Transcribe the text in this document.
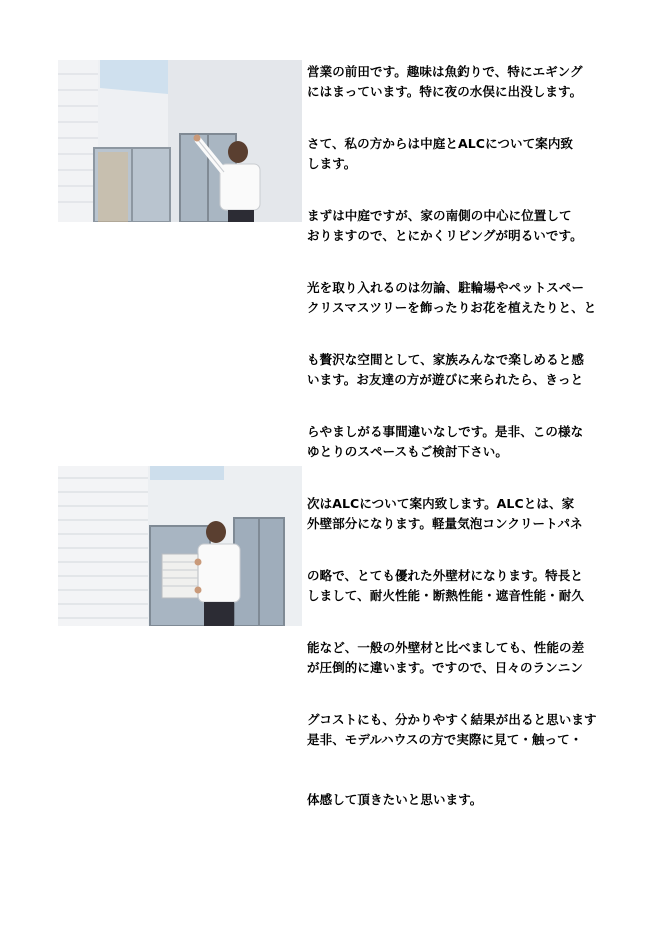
営業の前田です。趣味は魚釣りで、特にエギング
にはまっています。特に夜の水俣に出没します。
さて、私の方からは中庭とALCについて案内致
します。
まずは中庭ですが、家の南側の中心に位置して
おりますので、とにかくリビングが明るいです。
光を取り入れるのは勿論、駐輪場やペットスペー
クリスマスツリーを飾ったりお花を植えたりと、と
も贅沢な空間として、家族みんなで楽しめると感
います。お友達の方が遊びに来られたら、きっと
らやましがる事間違いなしです。是非、この様な
ゆとりのスペースもご検討下さい。
次はALCについて案内致します。ALCとは、家
外壁部分になります。軽量気泡コンクリートパネ
の略で、とても優れた外壁材になります。特長と
しまして、耐火性能・断熱性能・遮音性能・耐久
能など、一般の外壁材と比べましても、性能の差
が圧倒的に違います。ですので、日々のランニン
グコストにも、分かりやすく結果が出ると思います
是非、モデルハウスの方で実際に見て・触って・
体感して頂きたいと思います。
